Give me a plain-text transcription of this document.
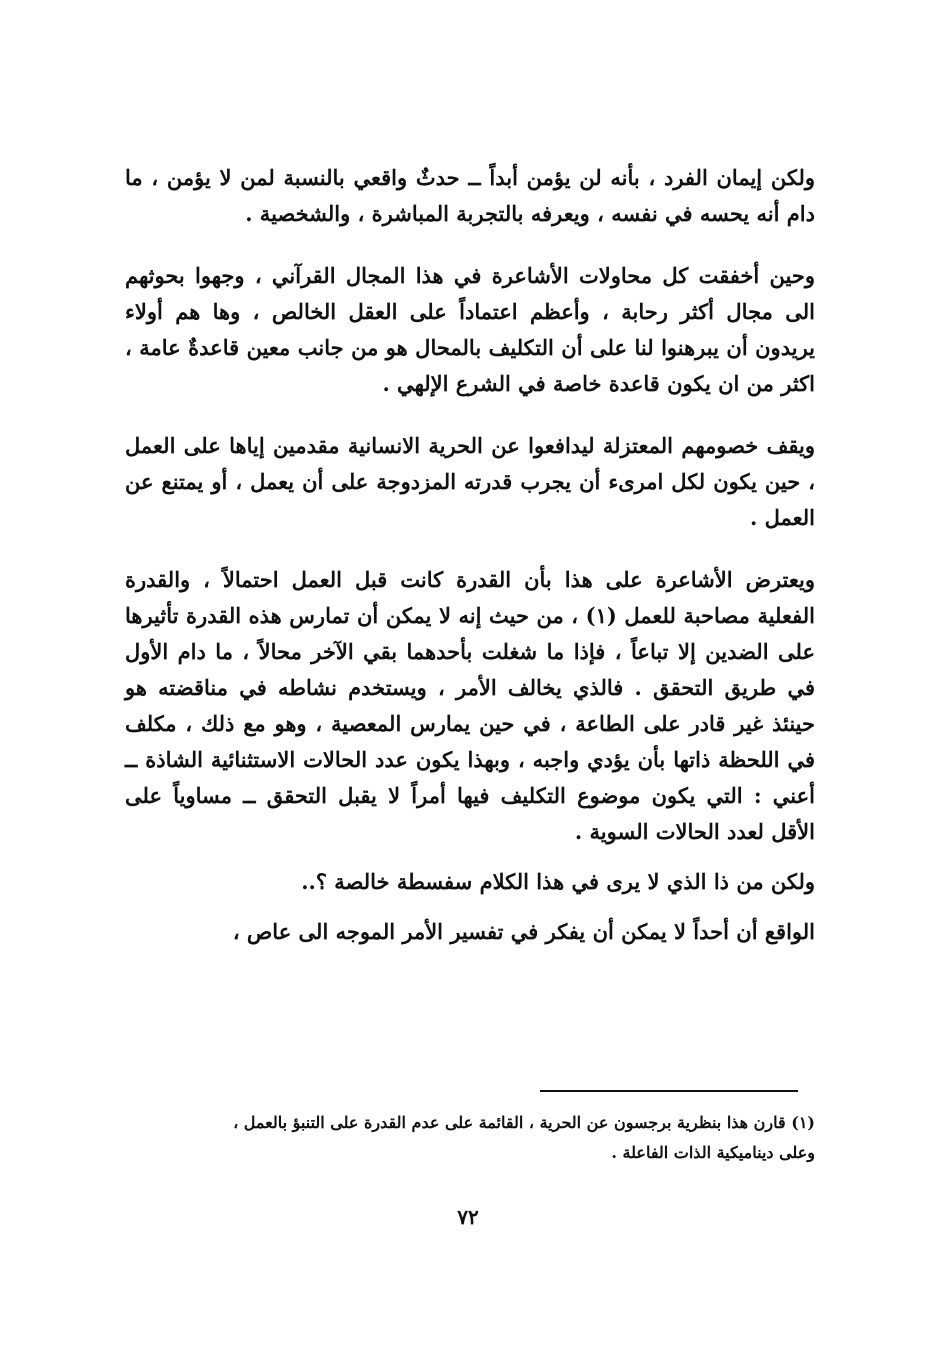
ولكن إيمان الفرد ، بأنه لن يؤمن أبداً ــ حدثٌ واقعي بالنسبة لمن لا يؤمن ، ما دام أنه يحسه في نفسه ، ويعرفه بالتجربة المباشرة ، والشخصية .

وحين أخفقت كل محاولات الأشاعرة في هذا المجال القرآني ، وجهوا بحوثهم الى مجال أكثر رحابة ، وأعظم اعتماداً على العقل الخالص ، وها هم أولاء يريدون أن يبرهنوا لنا على أن التكليف بالمحال هو من جانب معين قاعدةٌ عامة ، اكثر من ان يكون قاعدة خاصة في الشرع الإلهي .

ويقف خصومهم المعتزلة ليدافعوا عن الحرية الانسانية مقدمين إياها على العمل ، حين يكون لكل امرىء أن يجرب قدرته المزدوجة على أن يعمل ، أو يمتنع عن العمل .

ويعترض الأشاعرة على هذا بأن القدرة كانت قبل العمل احتمالاً ، والقدرة الفعلية مصاحبة للعمل (١) ، من حيث إنه لا يمكن أن تمارس هذه القدرة تأثيرها على الضدين إلا تباعاً ، فإذا ما شغلت بأحدهما بقي الآخر محالاً ، ما دام الأول في طريق التحقق . فالذي يخالف الأمر ، ويستخدم نشاطه في مناقضته هو حينئذ غير قادر على الطاعة ، في حين يمارس المعصية ، وهو مع ذلك ، مكلف في اللحظة ذاتها بأن يؤدي واجبه ، وبهذا يكون عدد الحالات الاستثنائية الشاذة ــ أعني : التي يكون موضوع التكليف فيها أمراً لا يقبل التحقق ــ مساوياً على الأقل لعدد الحالات السوية .

ولكن من ذا الذي لا يرى في هذا الكلام سفسطة خالصة ؟..

الواقع أن أحداً لا يمكن أن يفكر في تفسير الأمر الموجه الى عاص ،

(١) قارن هذا بنظرية برجسون عن الحرية ، القائمة على عدم القدرة على التنبؤ بالعمل ،

وعلى ديناميكية الذات الفاعلة .

٧٢
